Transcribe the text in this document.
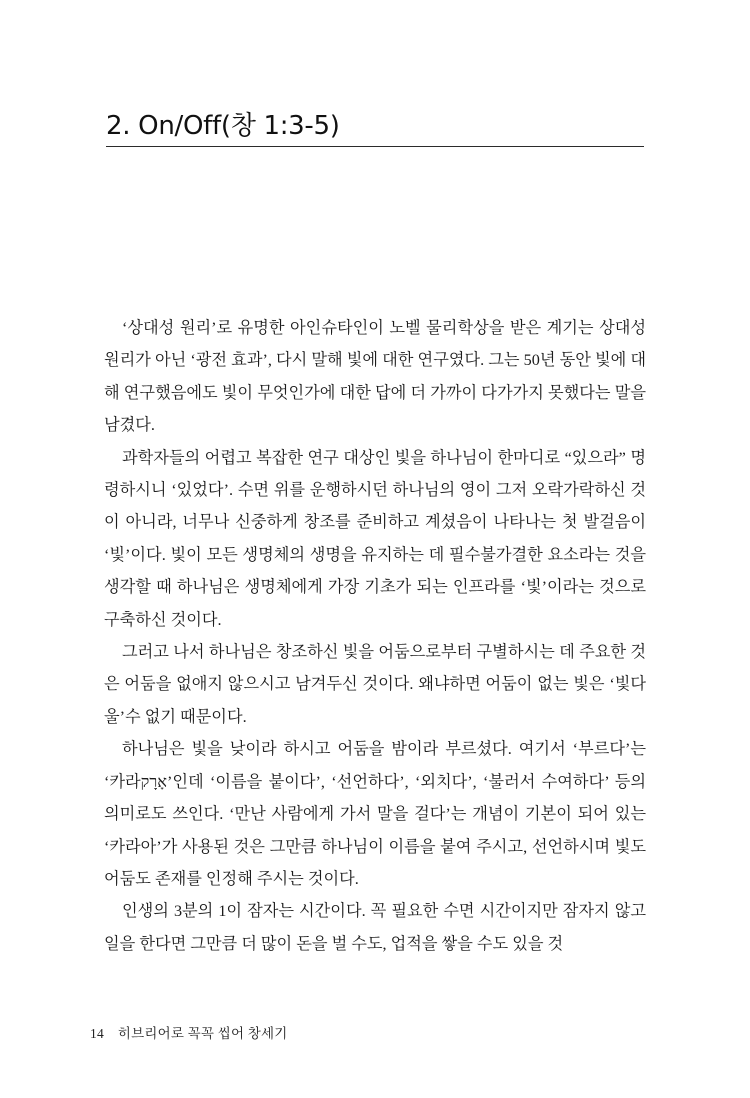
2. On/Off(창 1:3-5)

‘상대성 원리’로 유명한 아인슈타인이 노벨 물리학상을 받은 계기는 상대성 원리가 아닌 ‘광전 효과’, 다시 말해 빛에 대한 연구였다. 그는 50년 동안 빛에 대해 연구했음에도 빛이 무엇인가에 대한 답에 더 가까이 다가가지 못했다는 말을 남겼다.

과학자들의 어렵고 복잡한 연구 대상인 빛을 하나님이 한마디로 “있으라” 명령하시니 ‘있었다’. 수면 위를 운행하시던 하나님의 영이 그저 오락가락하신 것이 아니라, 너무나 신중하게 창조를 준비하고 계셨음이 나타나는 첫 발걸음이 ‘빛’이다. 빛이 모든 생명체의 생명을 유지하는 데 필수불가결한 요소라는 것을 생각할 때 하나님은 생명체에게 가장 기초가 되는 인프라를 ‘빛’이라는 것으로 구축하신 것이다.

그러고 나서 하나님은 창조하신 빛을 어둠으로부터 구별하시는 데 주요한 것은 어둠을 없애지 않으시고 남겨두신 것이다. 왜냐하면 어둠이 없는 빛은 ‘빛다울’수 없기 때문이다.

하나님은 빛을 낮이라 하시고 어둠을 밤이라 부르셨다. 여기서 ‘부르다’는 ‘카라אָרָק’인데 ‘이름을 붙이다’, ‘선언하다’, ‘외치다’, ‘불러서 수여하다’ 등의 의미로도 쓰인다. ‘만난 사람에게 가서 말을 걸다’는 개념이 기본이 되어 있는 ‘카라아’가 사용된 것은 그만큼 하나님이 이름을 붙여 주시고, 선언하시며 빛도 어둠도 존재를 인정해 주시는 것이다.

인생의 3분의 1이 잠자는 시간이다. 꼭 필요한 수면 시간이지만 잠자지 않고 일을 한다면 그만큼 더 많이 돈을 벌 수도, 업적을 쌓을 수도 있을 것

14 히브리어로 꼭꼭 씹어 창세기
